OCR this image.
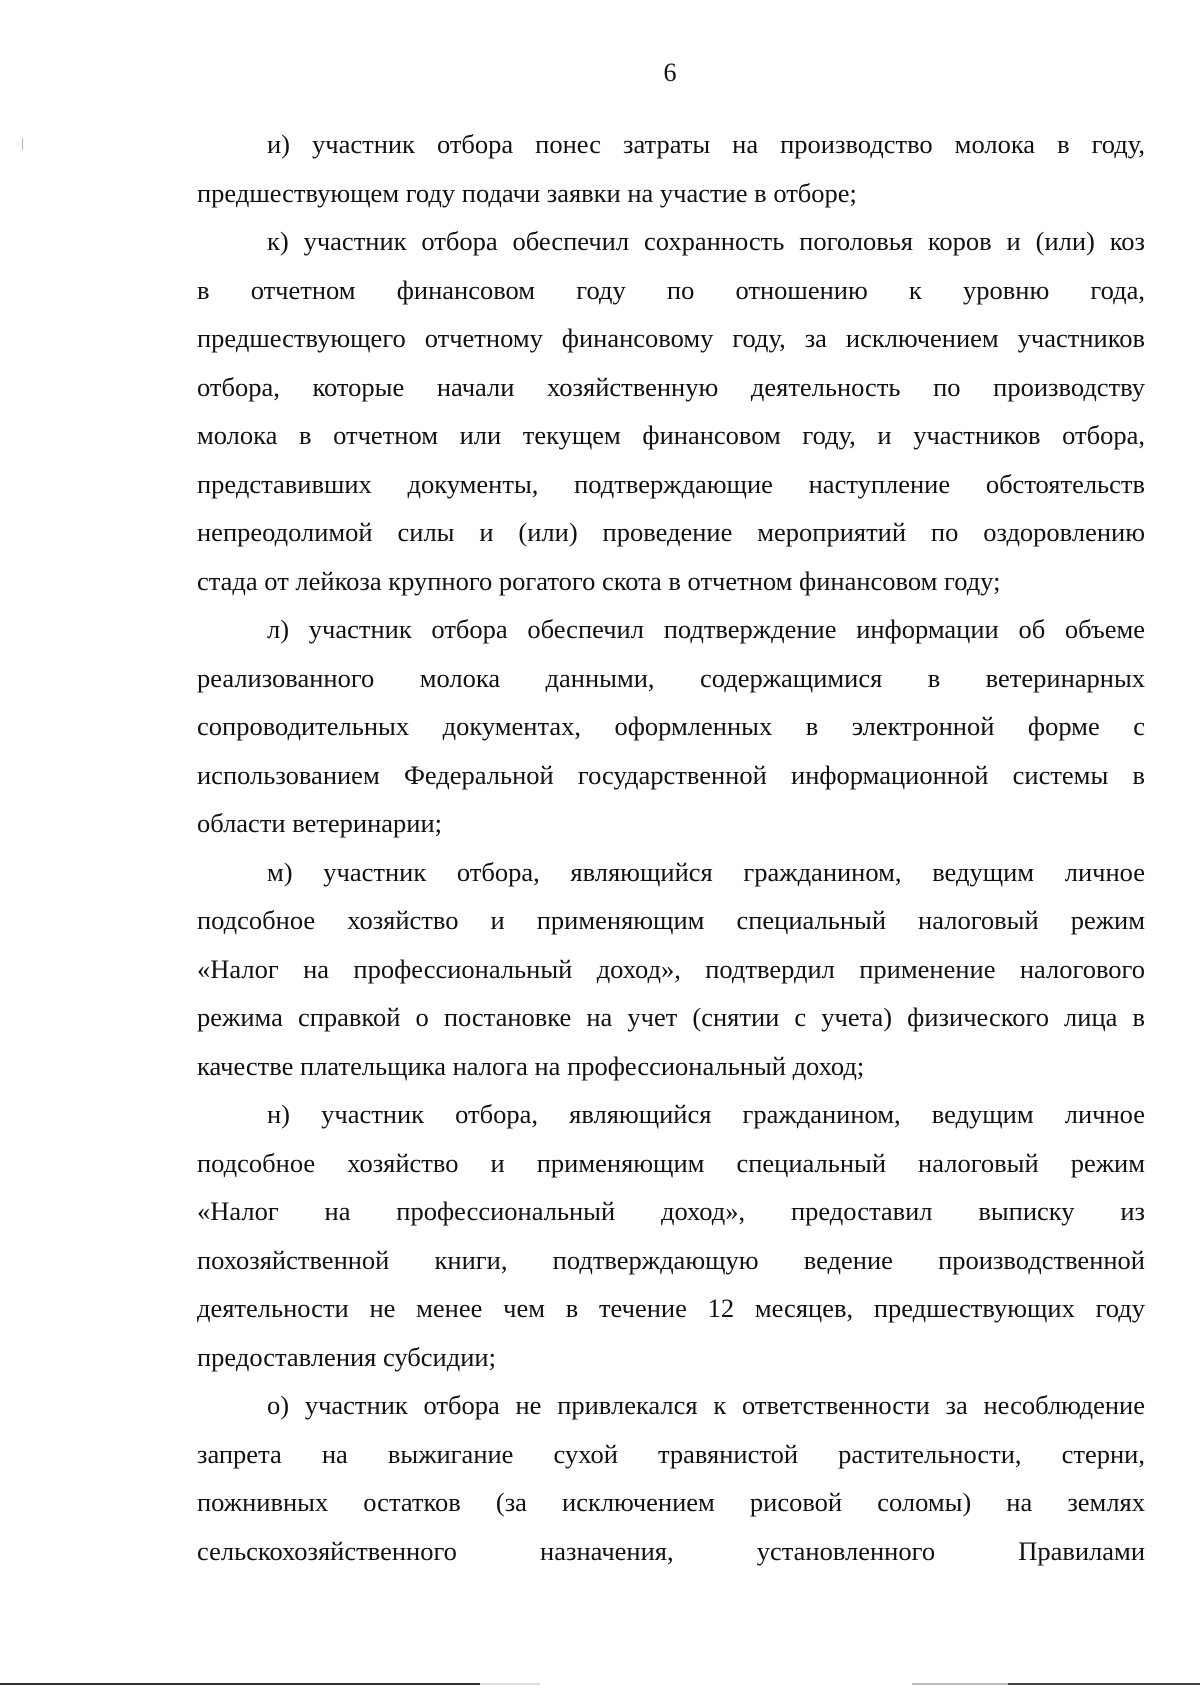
6
и) участник отбора понес затраты на производство молока в году,
предшествующем году подачи заявки на участие в отборе;
к) участник отбора обеспечил сохранность поголовья коров и (или) коз
в отчетном финансовом году по отношению к уровню года,
предшествующего отчетному финансовому году, за исключением участников
отбора, которые начали хозяйственную деятельность по производству
молока в отчетном или текущем финансовом году, и участников отбора,
представивших документы, подтверждающие наступление обстоятельств
непреодолимой силы и (или) проведение мероприятий по оздоровлению
стада от лейкоза крупного рогатого скота в отчетном финансовом году;
л) участник отбора обеспечил подтверждение информации об объеме
реализованного молока данными, содержащимися в ветеринарных
сопроводительных документах, оформленных в электронной форме с
использованием Федеральной государственной информационной системы в
области ветеринарии;
м) участник отбора, являющийся гражданином, ведущим личное
подсобное хозяйство и применяющим специальный налоговый режим
«Налог на профессиональный доход», подтвердил применение налогового
режима справкой о постановке на учет (снятии с учета) физического лица в
качестве плательщика налога на профессиональный доход;
н) участник отбора, являющийся гражданином, ведущим личное
подсобное хозяйство и применяющим специальный налоговый режим
«Налог на профессиональный доход», предоставил выписку из
похозяйственной книги, подтверждающую ведение производственной
деятельности не менее чем в течение 12 месяцев, предшествующих году
предоставления субсидии;
о) участник отбора не привлекался к ответственности за несоблюдение
запрета на выжигание сухой травянистой растительности, стерни,
пожнивных остатков (за исключением рисовой соломы) на землях
сельскохозяйственного назначения, установленного Правилами
